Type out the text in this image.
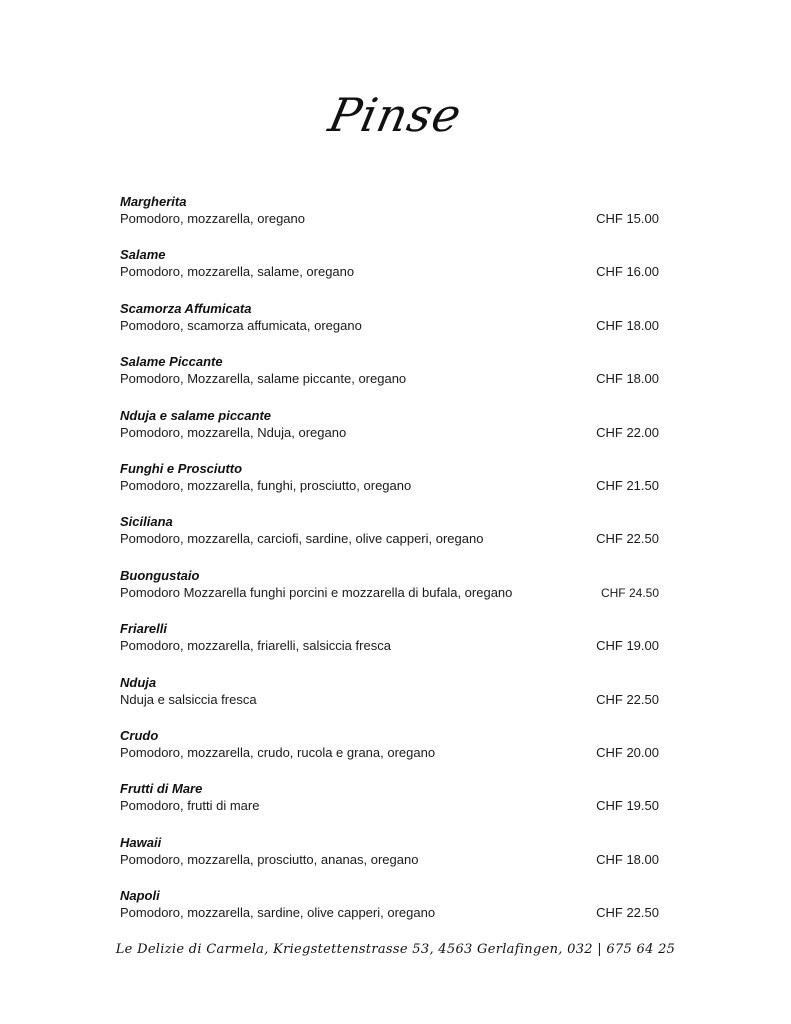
Pinse
Margherita
Pomodoro, mozzarella, oregano	CHF 15.00
Salame
Pomodoro, mozzarella, salame, oregano	CHF 16.00
Scamorza Affumicata
Pomodoro, scamorza affumicata, oregano	CHF 18.00
Salame Piccante
Pomodoro, Mozzarella, salame piccante, oregano	CHF 18.00
Nduja e salame piccante
Pomodoro, mozzarella, Nduja, oregano	CHF 22.00
Funghi e Prosciutto
Pomodoro, mozzarella, funghi, prosciutto, oregano	CHF 21.50
Siciliana
Pomodoro, mozzarella, carciofi, sardine, olive capperi, oregano	CHF 22.50
Buongustaio
Pomodoro Mozzarella funghi porcini e mozzarella di bufala, oregano	CHF 24.50
Friarelli
Pomodoro, mozzarella, friarelli, salsiccia fresca	CHF 19.00
Nduja
Nduja e salsiccia fresca	CHF 22.50
Crudo
Pomodoro, mozzarella, crudo, rucola e grana, oregano	CHF 20.00
Frutti di Mare
Pomodoro, frutti di mare	CHF 19.50
Hawaii
Pomodoro, mozzarella, prosciutto, ananas, oregano	CHF 18.00
Napoli
Pomodoro, mozzarella, sardine, olive capperi, oregano	CHF 22.50
Le Delizie di Carmela, Kriegstettenstrasse 53, 4563 Gerlafingen, 032 | 675 64 25
